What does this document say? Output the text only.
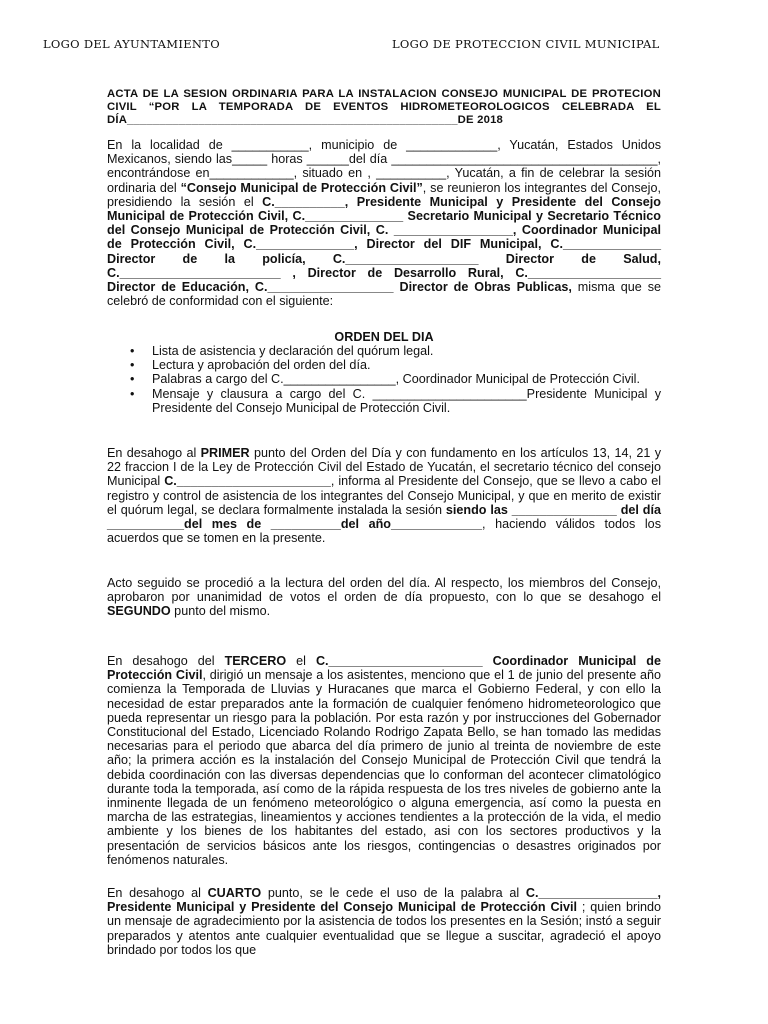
LOGO DEL AYUNTAMIENTO	LOGO DE PROTECCION CIVIL MUNICIPAL
ACTA DE LA SESION ORDINARIA PARA LA INSTALACION CONSEJO MUNICIPAL DE PROTECION CIVIL “POR LA TEMPORADA DE EVENTOS HIDROMETEOROLOGICOS CELEBRADA EL DÍA___________________________________________________DE 2018

En la localidad de ___________, municipio de _____________, Yucatán, Estados Unidos Mexicanos, siendo las_____ horas ______del día ______________________________________, encontrándose en____________, situado en , __________, Yucatán, a fin de celebrar la sesión ordinaria del “Consejo Municipal de Protección Civil”, se reunieron los integrantes del Consejo, presidiendo la sesión el C.__________, Presidente Municipal y Presidente del Consejo Municipal de Protección Civil, C.______________ Secretario Municipal y Secretario Técnico del Consejo Municipal de Protección Civil, C. _________________, Coordinador Municipal de Protección Civil, C.______________, Director del DIF Municipal, C.______________ Director de la policía, C.___________________ Director de Salud, C._______________________ , Director de Desarrollo Rural, C.___________________ Director de Educación, C.__________________ Director de Obras Publicas, misma que se celebró de conformidad con el siguiente:

ORDEN DEL DIA
• Lista de asistencia y declaración del quórum legal.
• Lectura y aprobación del orden del día.
• Palabras a cargo del C.________________, Coordinador Municipal de Protección Civil.
• Mensaje y clausura a cargo del C. ______________________Presidente Municipal y Presidente del Consejo Municipal de Protección Civil.

En desahogo al PRIMER punto del Orden del Día y con fundamento en los artículos 13, 14, 21 y 22 fraccion I de la Ley de Protección Civil del Estado de Yucatán, el secretario técnico del consejo Municipal C.______________________, informa al Presidente del Consejo, que se llevo a cabo el registro y control de asistencia de los integrantes del Consejo Municipal, y que en merito de existir el quórum legal, se declara formalmente instalada la sesión siendo las _______________ del día ___________del mes de __________del año_____________, haciendo válidos todos los acuerdos que se tomen en la presente.

Acto seguido se procedió a la lectura del orden del día. Al respecto, los miembros del Consejo, aprobaron por unanimidad de votos el orden de día propuesto, con lo que se desahogo el SEGUNDO punto del mismo.

En desahogo del TERCERO el C.______________________ Coordinador Municipal de Protección Civil, dirigió un mensaje a los asistentes, menciono que el 1 de junio del presente año comienza la Temporada de Lluvias y Huracanes que marca el Gobierno Federal, y con ello la necesidad de estar preparados ante la formación de cualquier fenómeno hidrometeorologico que pueda representar un riesgo para la población. Por esta razón y por instrucciones del Gobernador Constitucional del Estado, Licenciado Rolando Rodrigo Zapata Bello, se han tomado las medidas necesarias para el periodo que abarca del día primero de junio al treinta de noviembre de este año; la primera acción es la instalación del Consejo Municipal de Protección Civil que tendrá la debida coordinación con las diversas dependencias que lo conforman del acontecer climatológico durante toda la temporada, así como de la rápida respuesta de los tres niveles de gobierno ante la inminente llegada de un fenómeno meteorológico o alguna emergencia, así como la puesta en marcha de las estrategias, lineamientos y acciones tendientes a la protección de la vida, el medio ambiente y los bienes de los habitantes del estado, asi con los sectores productivos y la presentación de servicios básicos ante los riesgos, contingencias o desastres originados por fenómenos naturales.

En desahogo al CUARTO punto, se le cede el uso de la palabra al C._________________, Presidente Municipal y Presidente del Consejo Municipal de Protección Civil ; quien brindo un mensaje de agradecimiento por la asistencia de todos los presentes en la Sesión; instó a seguir preparados y atentos ante cualquier eventualidad que se llegue a suscitar, agradeció el apoyo brindado por todos los que
